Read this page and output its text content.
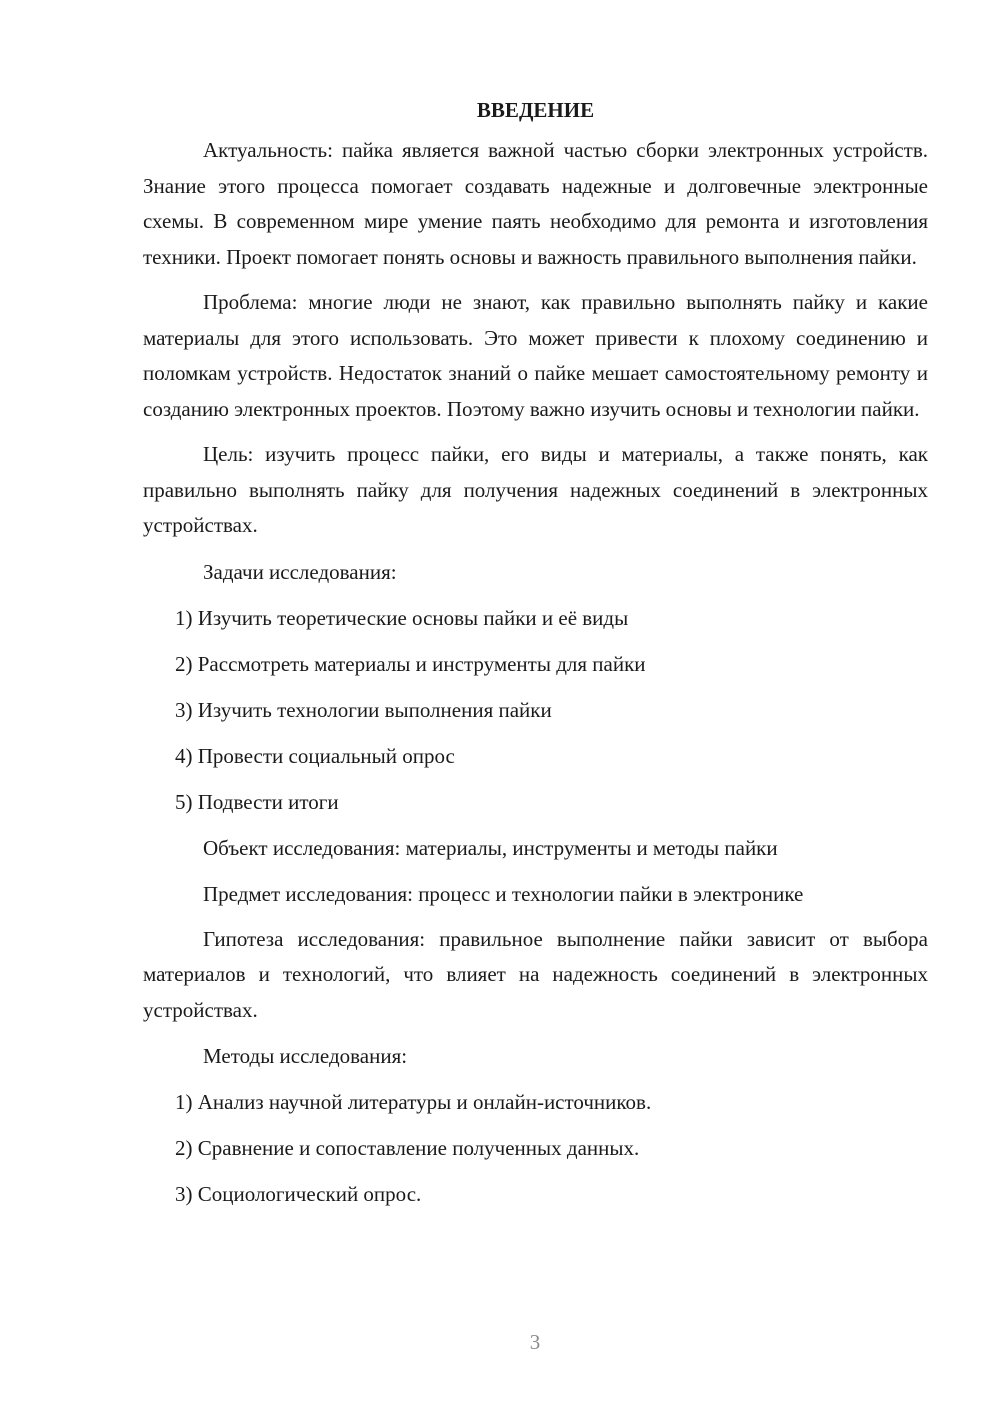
ВВЕДЕНИЕ

Актуальность: пайка является важной частью сборки электронных устройств. Знание этого процесса помогает создавать надежные и долговечные электронные схемы. В современном мире умение паять необходимо для ремонта и изготовления техники. Проект помогает понять основы и важность правильного выполнения пайки.

Проблема: многие люди не знают, как правильно выполнять пайку и какие материалы для этого использовать. Это может привести к плохому соединению и поломкам устройств. Недостаток знаний о пайке мешает самостоятельному ремонту и созданию электронных проектов. Поэтому важно изучить основы и технологии пайки.

Цель: изучить процесс пайки, его виды и материалы, а также понять, как правильно выполнять пайку для получения надежных соединений в электронных устройствах.

Задачи исследования:
1) Изучить теоретические основы пайки и её виды
2) Рассмотреть материалы и инструменты для пайки
3) Изучить технологии выполнения пайки
4) Провести социальный опрос
5) Подвести итоги
Объект исследования: материалы, инструменты и методы пайки
Предмет исследования: процесс и технологии пайки в электронике

Гипотеза исследования: правильное выполнение пайки зависит от выбора материалов и технологий, что влияет на надежность соединений в электронных устройствах.

Методы исследования:
1) Анализ научной литературы и онлайн-источников.
2) Сравнение и сопоставление полученных данных.
3) Социологический опрос.
3
